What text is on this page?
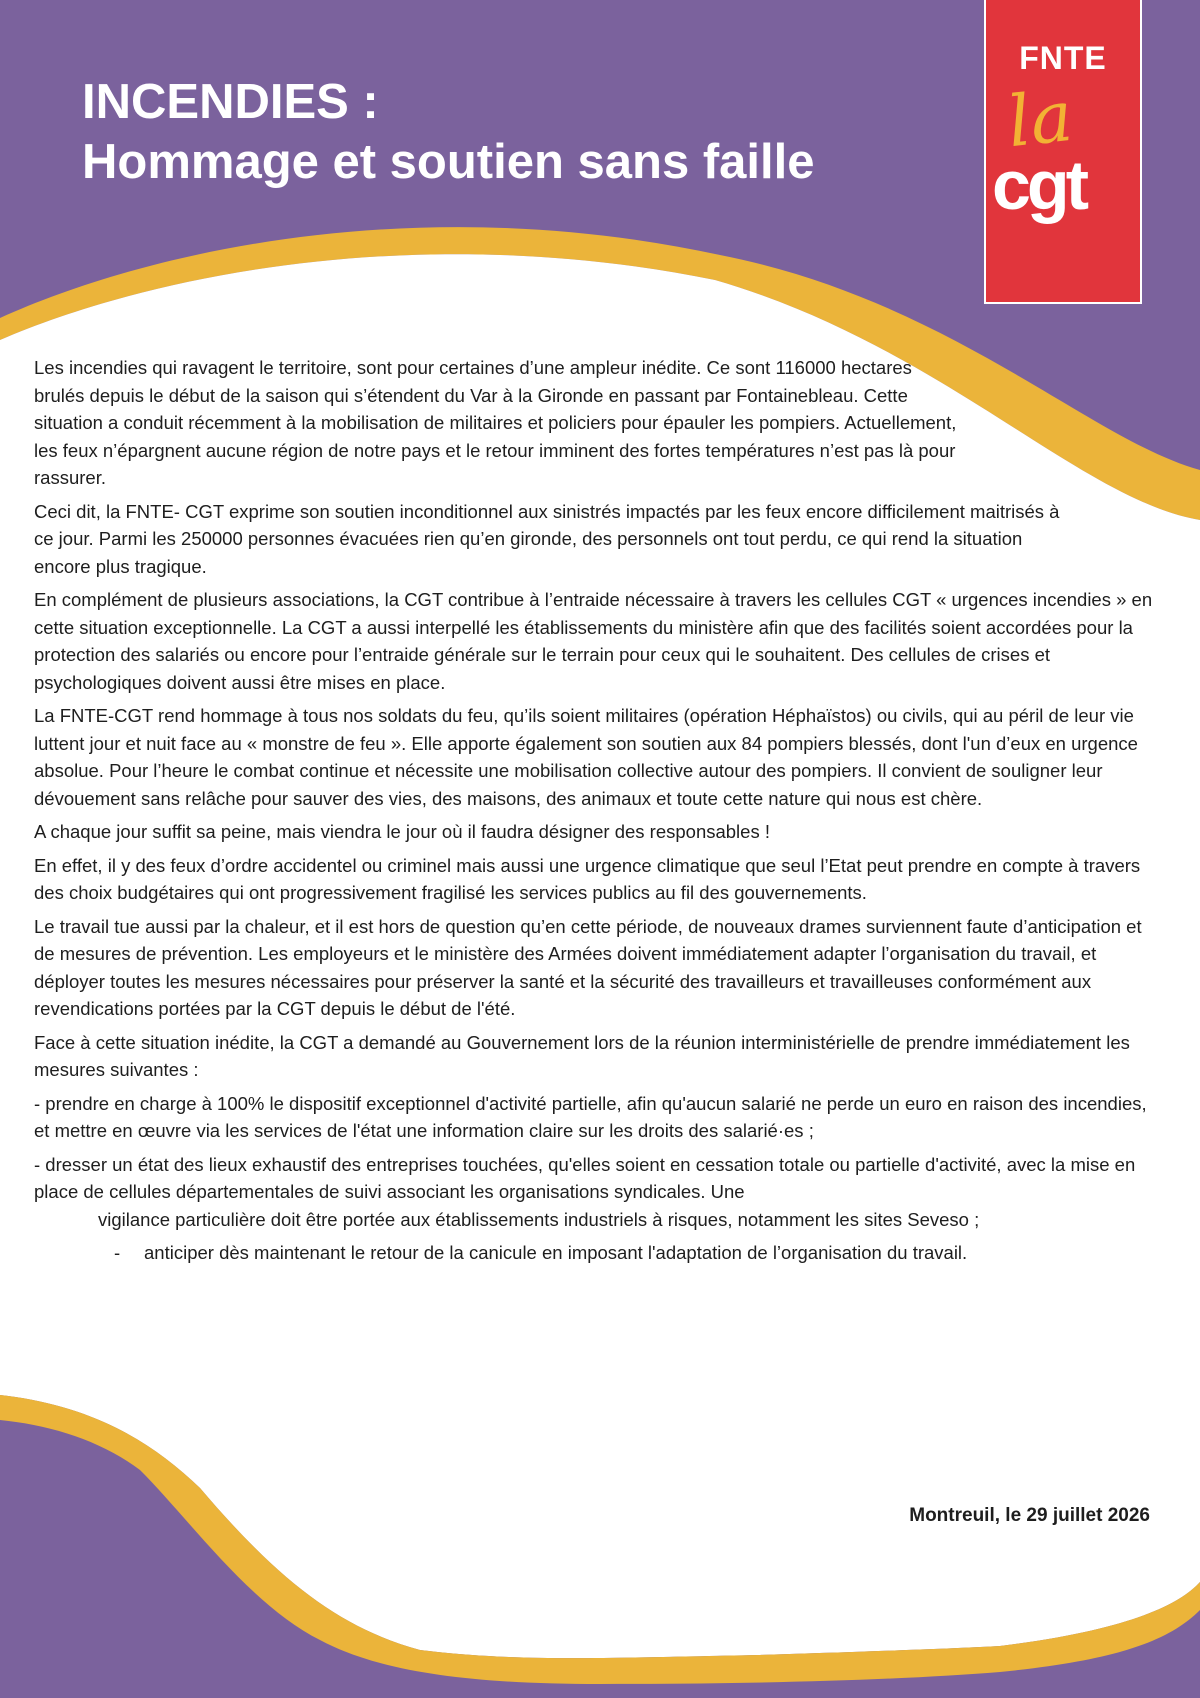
INCENDIES :
Hommage et soutien sans faille
FNTE
la
cgt

Les incendies qui ravagent le territoire, sont pour certaines d’une ampleur inédite. Ce sont 116000 hectares brulés depuis le début de la saison qui s’étendent du Var à la Gironde en passant par Fontainebleau. Cette situation a conduit récemment à la mobilisation de militaires et policiers pour épauler les pompiers. Actuellement, les feux n’épargnent aucune région de notre pays et le retour imminent des fortes températures n’est pas là pour rassurer.

Ceci dit, la FNTE- CGT exprime son soutien inconditionnel aux sinistrés impactés par les feux encore difficilement maitrisés à ce jour. Parmi les 250000 personnes évacuées rien qu’en gironde, des personnels ont tout perdu, ce qui rend la situation encore plus tragique.

En complément de plusieurs associations, la CGT contribue à l’entraide nécessaire à travers les cellules CGT « urgences incendies » en cette situation exceptionnelle. La CGT a aussi interpellé les établissements du ministère afin que des facilités soient accordées pour la protection des salariés ou encore pour l’entraide générale sur le terrain pour ceux qui le souhaitent. Des cellules de crises et psychologiques doivent aussi être mises en place.

La FNTE-CGT rend hommage à tous nos soldats du feu, qu’ils soient militaires (opération Héphaïstos) ou civils, qui au péril de leur vie luttent jour et nuit face au « monstre de feu ». Elle apporte également son soutien aux 84 pompiers blessés, dont l'un d’eux en urgence absolue. Pour l’heure le combat continue et nécessite une mobilisation collective autour des pompiers. Il convient de souligner leur dévouement sans relâche pour sauver des vies, des maisons, des animaux et toute cette nature qui nous est chère.

A chaque jour suffit sa peine, mais viendra le jour où il faudra désigner des responsables !

En effet, il y des feux d’ordre accidentel ou criminel mais aussi une urgence climatique que seul l’Etat peut prendre en compte à travers des choix budgétaires qui ont progressivement fragilisé les services publics au fil des gouvernements.

Le travail tue aussi par la chaleur, et il est hors de question qu’en cette période, de nouveaux drames surviennent faute d’anticipation et de mesures de prévention. Les employeurs et le ministère des Armées doivent immédiatement adapter l’organisation du travail, et déployer toutes les mesures nécessaires pour préserver la santé et la sécurité des travailleurs et travailleuses conformément aux revendications portées par la CGT depuis le début de l'été.

Face à cette situation inédite, la CGT a demandé au Gouvernement lors de la réunion interministérielle de prendre immédiatement les mesures suivantes :

- prendre en charge à 100% le dispositif exceptionnel d'activité partielle, afin qu'aucun salarié ne perde un euro en raison des incendies, et mettre en œuvre via les services de l'état une information claire sur les droits des salarié·es ;

- dresser un état des lieux exhaustif des entreprises touchées, qu'elles soient en cessation totale ou partielle d'activité, avec la mise en place de cellules départementales de suivi associant les organisations syndicales. Une

vigilance particulière doit être portée aux établissements industriels à risques, notamment les sites Seveso ;

- anticiper dès maintenant le retour de la canicule en imposant l'adaptation de l’organisation du travail.

Montreuil, le 29 juillet 2026
